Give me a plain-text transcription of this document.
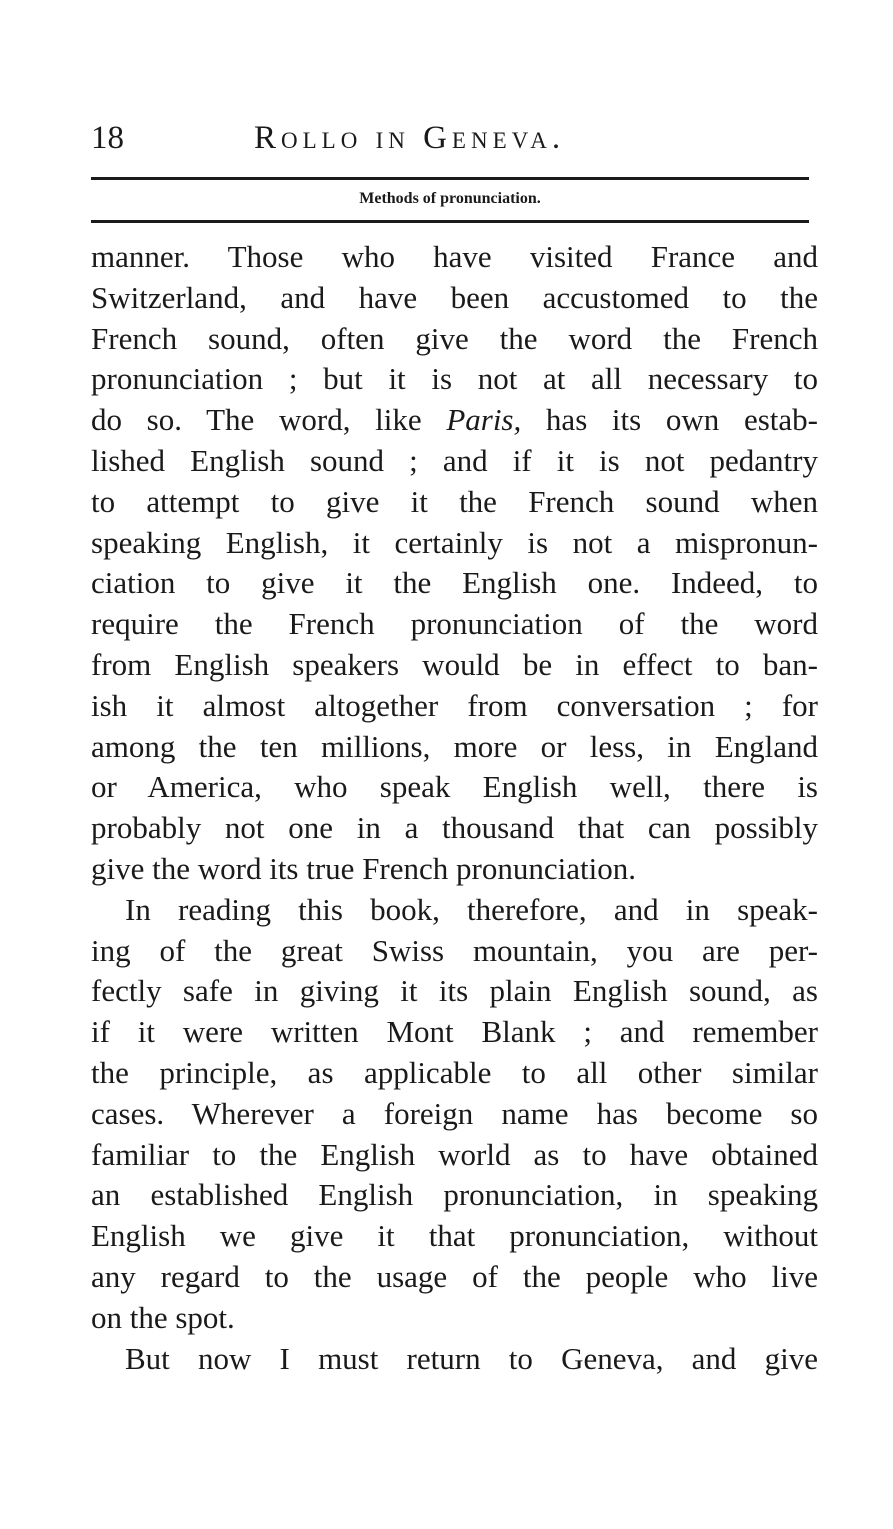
18	Rollo in Geneva.
Methods of pronunciation.
manner. Those who have visited France and
Switzerland, and have been accustomed to the
French sound, often give the word the French
pronunciation ; but it is not at all necessary to
do so. The word, like Paris, has its own estab-
lished English sound ; and if it is not pedantry
to attempt to give it the French sound when
speaking English, it certainly is not a mispronun-
ciation to give it the English one. Indeed, to
require the French pronunciation of the word
from English speakers would be in effect to ban-
ish it almost altogether from conversation ; for
among the ten millions, more or less, in England
or America, who speak English well, there is
probably not one in a thousand that can possibly
give the word its true French pronunciation.
In reading this book, therefore, and in speak-
ing of the great Swiss mountain, you are per-
fectly safe in giving it its plain English sound, as
if it were written Mont Blank ; and remember
the principle, as applicable to all other similar
cases. Wherever a foreign name has become so
familiar to the English world as to have obtained
an established English pronunciation, in speaking
English we give it that pronunciation, without
any regard to the usage of the people who live
on the spot.
But now I must return to Geneva, and give
